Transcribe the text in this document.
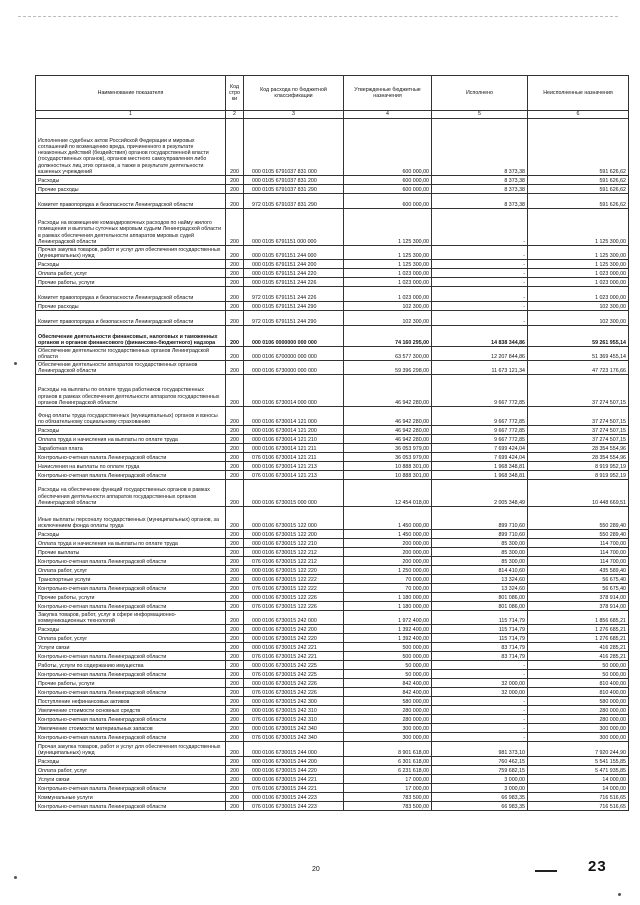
Наименование показателя	Код стро ки	Код расхода по бюджетной классификации	Утвержденные бюджетные назначения	Исполнено	Неисполненные назначения
1	2	3	4	5	6
Исполнение судебных актов Российской Федерации и мировых соглашений по возмещению вреда, причиненного в результате незаконных действий (бездействия) органов государственной власти (государственных органов), органов местного самоуправления либо должностных лиц этих органов, а также в результате деятельности казенных учреждений	200	000 0105 6791037 831 000	600 000,00	8 373,38	591 626,62
Расходы	200	000 0105 6791037 831 200	600 000,00	8 373,38	591 626,62
Прочие расходы	200	000 0105 6791037 831 290	600 000,00	8 373,38	591 626,62
Комитет правопорядка и безопасности Ленинградской области	200	972 0105 6791037 831 290	600 000,00	8 373,38	591 626,62
Расходы на возмещение командировочных расходов по найму жилого помещения и выплаты суточных мировым судьям Ленинградской области в рамках обеспечения деятельности аппаратов мировых судей Ленинградской области	200	000 0105 6791151 000 000	1 125 300,00	-	1 125 300,00
Прочая закупка товаров, работ и услуг для обеспечения государственных (муниципальных) нужд	200	000 0105 6791151 244 000	1 125 300,00	-	1 125 300,00
Расходы	200	000 0105 6791151 244 200	1 125 300,00	-	1 125 300,00
Оплата работ, услуг	200	000 0105 6791151 244 220	1 023 000,00	-	1 023 000,00
Прочие работы, услуги	200	000 0105 6791151 244 226	1 023 000,00	-	1 023 000,00
Комитет правопорядка и безопасности Ленинградской области	200	972 0105 6791151 244 226	1 023 000,00	-	1 023 000,00
Прочие расходы	200	000 0105 6791151 244 290	102 300,00	-	102 300,00
Комитет правопорядка и безопасности Ленинградской области	200	972 0105 6791151 244 290	102 300,00	-	102 300,00
Обеспечение деятельности финансовых, налоговых и таможенных органов и органов финансового (финансово-бюджетного) надзора	200	000 0106 0000000 000 000	74 160 295,00	14 838 344,86	59 261 955,14
Обеспечение деятельности государственных органов Ленинградской области	200	000 0106 6700000 000 000	63 577 300,00	12 207 844,86	51 369 455,14
Обеспечение деятельности аппаратов государственных органов Ленинградской области	200	000 0106 6730000 000 000	59 396 298,00	11 673 121,34	47 723 176,66
Расходы на выплаты по оплате труда работников государственных органов в рамках обеспечения деятельности аппаратов государственных органов Ленинградской области	200	000 0106 6730014 000 000	46 942 280,00	9 667 772,85	37 274 507,15
Фонд оплаты труда государственных (муниципальных) органов и взносы по обязательному социальному страхованию	200	000 0106 6730014 121 000	46 942 280,00	9 667 772,85	37 274 507,15
Расходы	200	000 0106 6730014 121 200	46 942 280,00	9 667 772,85	37 274 507,15
Оплата труда и начисления на выплаты по оплате труда	200	000 0106 6730014 121 210	46 942 280,00	9 667 772,85	37 274 507,15
Заработная плата	200	000 0106 6730014 121 211	36 053 979,00	7 699 424,04	28 354 554,96
Контрольно-счетная палата Ленинградской области	200	076 0106 6730014 121 211	36 053 979,00	7 699 424,04	28 354 554,96
Начисления на выплаты по оплате труда	200	000 0106 6730014 121 213	10 888 301,00	1 968 348,81	8 919 952,19
Контрольно-счетная палата Ленинградской области	200	076 0106 6730014 121 213	10 888 301,00	1 968 348,81	8 919 952,19
Расходы на обеспечение функций государственных органов в рамках обеспечения деятельности аппаратов государственных органов Ленинградской области	200	000 0106 6730015 000 000	12 454 018,00	2 005 348,49	10 448 669,51
Иные выплаты персоналу государственных (муниципальных) органов, за исключением фонда оплаты труда	200	000 0106 6730015 122 000	1 450 000,00	899 710,60	550 289,40
Расходы	200	000 0106 6730015 122 200	1 450 000,00	899 710,60	550 289,40
Оплата труда и начисления на выплаты по оплате труда	200	000 0106 6730015 122 210	200 000,00	85 300,00	114 700,00
Прочие выплаты	200	000 0106 6730015 122 212	200 000,00	85 300,00	114 700,00
Контрольно-счетная палата Ленинградской области	200	076 0106 6730015 122 212	200 000,00	85 300,00	114 700,00
Оплата работ, услуг	200	000 0106 6730015 122 220	1 250 000,00	814 410,60	435 589,40
Транспортные услуги	200	000 0106 6730015 122 222	70 000,00	13 324,60	56 675,40
Контрольно-счетная палата Ленинградской области	200	076 0106 6730015 122 222	70 000,00	13 324,60	56 675,40
Прочие работы, услуги	200	000 0106 6730015 122 226	1 180 000,00	801 086,00	378 914,00
Контрольно-счетная палата Ленинградской области	200	076 0106 6730015 122 226	1 180 000,00	801 086,00	378 914,00
Закупка товаров, работ, услуг в сфере информационно-коммуникационных технологий	200	000 0106 6730015 242 000	1 972 400,00	115 714,79	1 856 685,21
Расходы	200	000 0106 6730015 242 200	1 392 400,00	115 714,79	1 276 685,21
Оплата работ, услуг	200	000 0106 6730015 242 220	1 392 400,00	115 714,79	1 276 685,21
Услуги связи	200	000 0106 6730015 242 221	500 000,00	83 714,79	416 285,21
Контрольно-счетная палата Ленинградской области	200	076 0106 6730015 242 221	500 000,00	83 714,79	416 285,21
Работы, услуги по содержанию имущества	200	000 0106 6730015 242 225	50 000,00	-	50 000,00
Контрольно-счетная палата Ленинградской области	200	076 0106 6730015 242 225	50 000,00	-	50 000,00
Прочие работы, услуги	200	000 0106 6730015 242 226	842 400,00	32 000,00	810 400,00
Контрольно-счетная палата Ленинградской области	200	076 0106 6730015 242 226	842 400,00	32 000,00	810 400,00
Поступление нефинансовых активов	200	000 0106 6730015 242 300	580 000,00	-	580 000,00
Увеличение стоимости основных средств	200	000 0106 6730015 242 310	280 000,00	-	280 000,00
Контрольно-счетная палата Ленинградской области	200	076 0106 6730015 242 310	280 000,00	-	280 000,00
Увеличение стоимости материальных запасов	200	000 0106 6730015 242 340	300 000,00	-	300 000,00
Контрольно-счетная палата Ленинградской области	200	076 0106 6730015 242 340	300 000,00	-	300 000,00
Прочая закупка товаров, работ и услуг для обеспечения государственных (муниципальных) нужд	200	000 0106 6730015 244 000	8 901 618,00	981 373,10	7 920 244,90
Расходы	200	000 0106 6730015 244 200	6 301 618,00	760 462,15	5 541 155,85
Оплата работ, услуг	200	000 0106 6730015 244 220	6 231 618,00	759 682,15	5 471 935,85
Услуги связи	200	000 0106 6730015 244 221	17 000,00	3 000,00	14 000,00
Контрольно-счетная палата Ленинградской области	200	076 0106 6730015 244 221	17 000,00	3 000,00	14 000,00
Коммунальные услуги	200	000 0106 6730015 244 223	783 500,00	66 983,35	716 516,65
Контрольно-счетная палата Ленинградской области	200	076 0106 6730015 244 223	783 500,00	66 983,35	716 516,65
20	23
